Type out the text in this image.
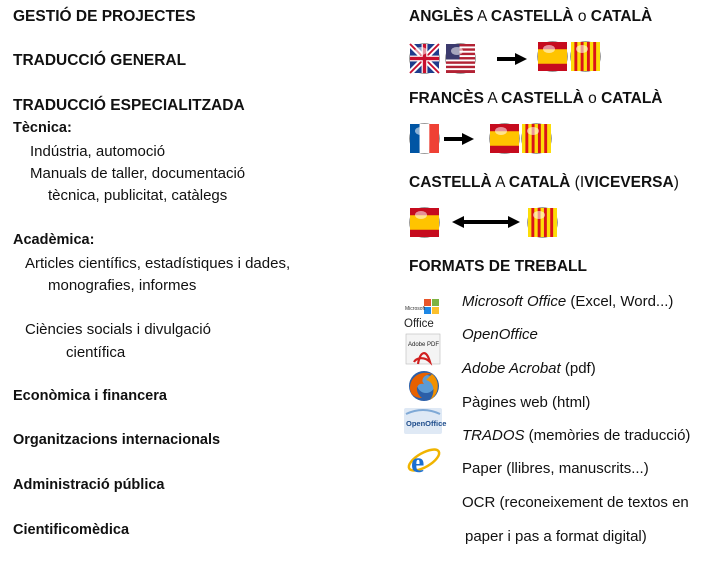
GESTIÓ DE PROJECTES
TRADUCCIÓ GENERAL
TRADUCCIÓ ESPECIALITZADA
Tècnica:
Indústria, automoció
Manuals de taller, documentació
tècnica, publicitat, catàlegs
Acadèmica:
Articles científics, estadístiques i dades,
monografies, informes
Ciències socials i divulgació
científica
Econòmica i financera
Organitzacions internacionals
Administració pública
Cientificomèdica
ANGLÈS A CASTELLÀ o CATALÀ
FRANCÈS A CASTELLÀ o CATALÀ
CASTELLÀ A CATALÀ (IVICEVERSA)
FORMATS DE TREBALL
Microsoft
Office
Microsoft Office (Excel, Word...)
OpenOffice
Adobe PDF
Adobe Acrobat (pdf)
Pàgines web (html)
OpenOffice
TRADOS (memòries de traducció)
e	Paper (llibres, manuscrits...)
OCR (reconeixement de textos en
paper i pas a format digital)
